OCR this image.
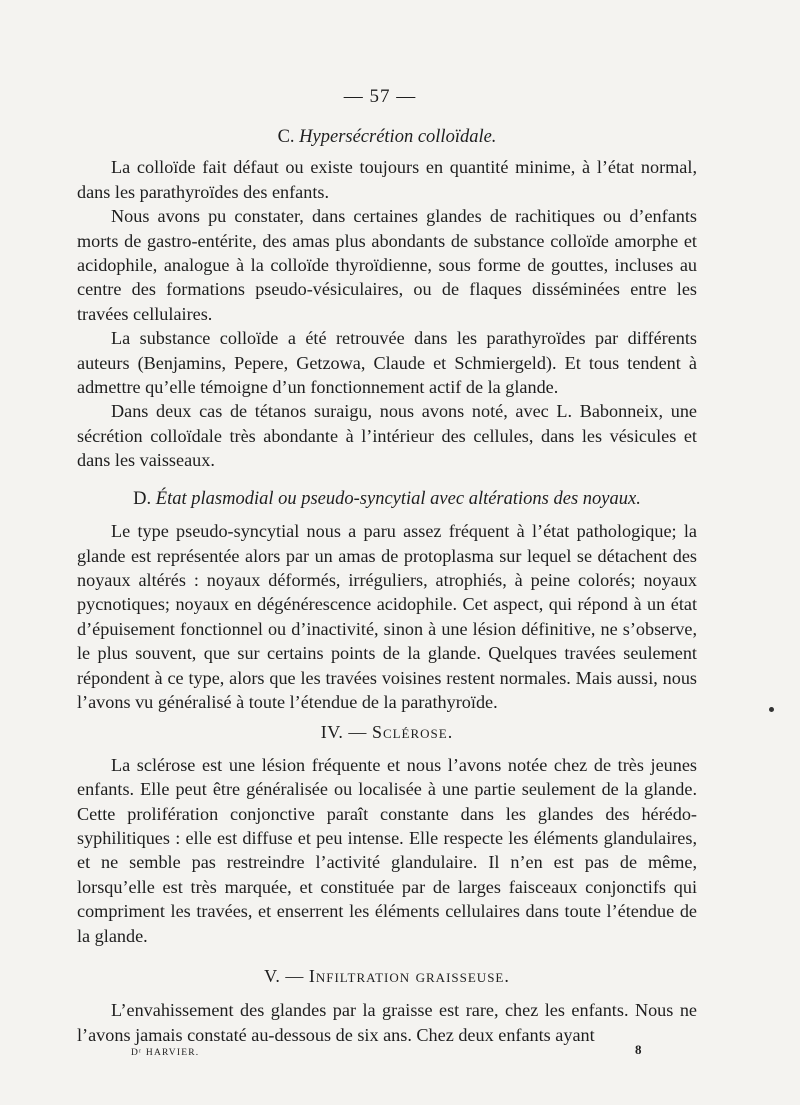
— 57 —
C. Hypersécrétion colloïdale.

La colloïde fait défaut ou existe toujours en quantité minime, à l’état normal, dans les parathyroïdes des enfants.

Nous avons pu constater, dans certaines glandes de rachitiques ou d’enfants morts de gastro-entérite, des amas plus abondants de substance colloïde amorphe et acidophile, analogue à la colloïde thyroïdienne, sous forme de gouttes, incluses au centre des formations pseudo-vésiculaires, ou de flaques disséminées entre les travées cellulaires.

La substance colloïde a été retrouvée dans les parathyroïdes par différents auteurs (Benjamins, Pepere, Getzowa, Claude et Schmiergeld). Et tous tendent à admettre qu’elle témoigne d’un fonctionnement actif de la glande.

Dans deux cas de tétanos suraigu, nous avons noté, avec L. Babonneix, une sécrétion colloïdale très abondante à l’intérieur des cellules, dans les vésicules et dans les vaisseaux.

D. État plasmodial ou pseudo-syncytial avec altérations des noyaux.

Le type pseudo-syncytial nous a paru assez fréquent à l’état pathologique; la glande est représentée alors par un amas de protoplasma sur lequel se détachent des noyaux altérés : noyaux déformés, irréguliers, atrophiés, à peine colorés; noyaux pycnotiques; noyaux en dégénérescence acidophile. Cet aspect, qui répond à un état d’épuisement fonctionnel ou d’inactivité, sinon à une lésion définitive, ne s’observe, le plus souvent, que sur certains points de la glande. Quelques travées seulement répondent à ce type, alors que les travées voisines restent normales. Mais aussi, nous l’avons vu généralisé à toute l’étendue de la parathyroïde.

IV. — Sclérose.

La sclérose est une lésion fréquente et nous l’avons notée chez de très jeunes enfants. Elle peut être généralisée ou localisée à une partie seulement de la glande. Cette prolifération conjonctive paraît constante dans les glandes des hérédo-syphilitiques : elle est diffuse et peu intense. Elle respecte les éléments glandulaires, et ne semble pas restreindre l’activité glandulaire. Il n’en est pas de même, lorsqu’elle est très marquée, et constituée par de larges faisceaux conjonctifs qui compriment les travées, et enserrent les éléments cellulaires dans toute l’étendue de la glande.

V. — Infiltration graisseuse.

L’envahissement des glandes par la graisse est rare, chez les enfants. Nous ne l’avons jamais constaté au-dessous de six ans. Chez deux enfants ayant

Dʳ HARVIER.	8
